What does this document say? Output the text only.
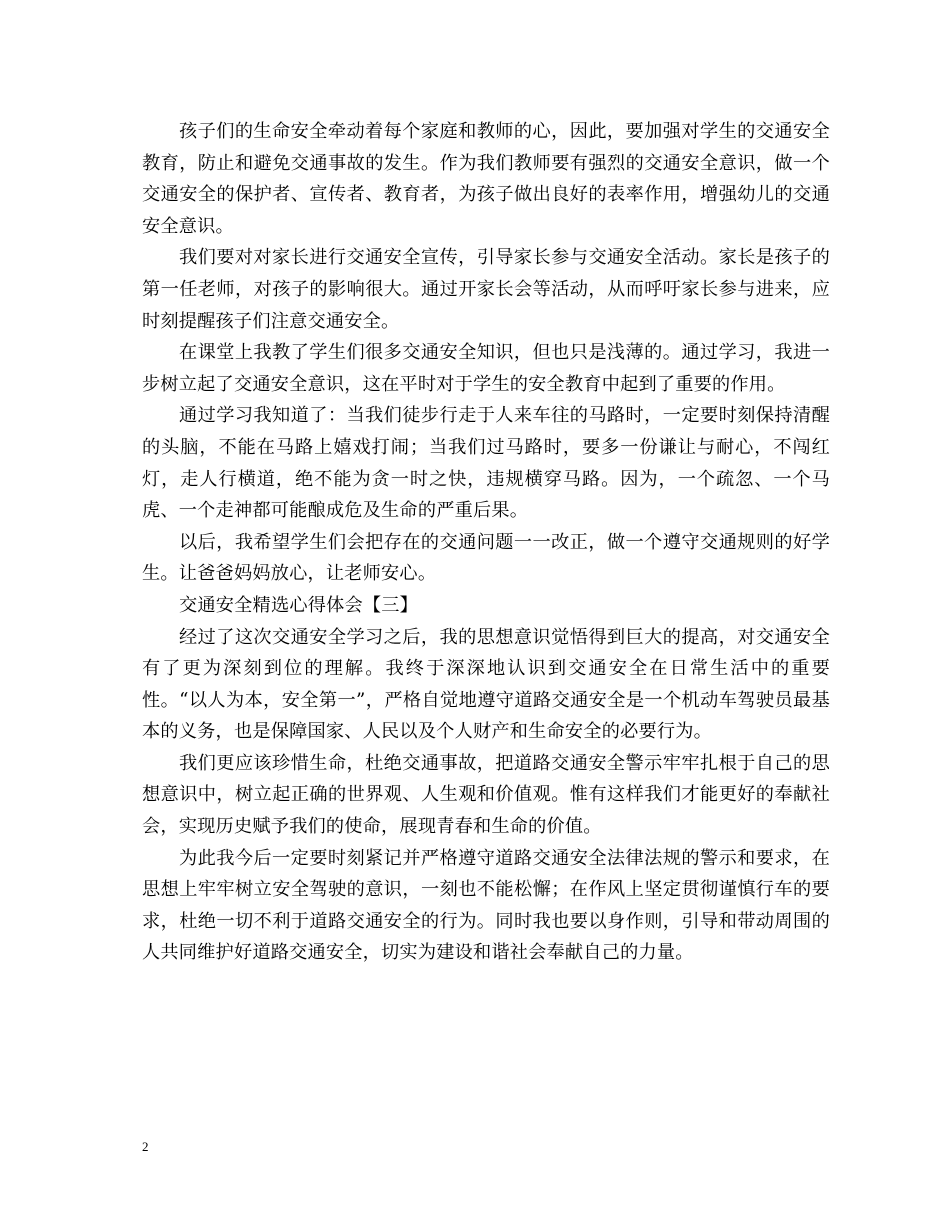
孩子们的生命安全牵动着每个家庭和教师的心，因此，要加强对学生的交通安全教育，防止和避免交通事故的发生。作为我们教师要有强烈的交通安全意识，做一个交通安全的保护者、宣传者、教育者，为孩子做出良好的表率作用，增强幼儿的交通安全意识。

我们要对对家长进行交通安全宣传，引导家长参与交通安全活动。家长是孩子的第一任老师，对孩子的影响很大。通过开家长会等活动，从而呼吁家长参与进来，应时刻提醒孩子们注意交通安全。

在课堂上我教了学生们很多交通安全知识，但也只是浅薄的。通过学习，我进一步树立起了交通安全意识，这在平时对于学生的安全教育中起到了重要的作用。

通过学习我知道了：当我们徒步行走于人来车往的马路时，一定要时刻保持清醒的头脑，不能在马路上嬉戏打闹；当我们过马路时，要多一份谦让与耐心，不闯红灯，走人行横道，绝不能为贪一时之快，违规横穿马路。因为，一个疏忽、一个马虎、一个走神都可能酿成危及生命的严重后果。

以后，我希望学生们会把存在的交通问题一一改正，做一个遵守交通规则的好学生。让爸爸妈妈放心，让老师安心。

交通安全精选心得体会【三】

经过了这次交通安全学习之后，我的思想意识觉悟得到巨大的提高，对交通安全有了更为深刻到位的理解。我终于深深地认识到交通安全在日常生活中的重要性。“以人为本，安全第一”，严格自觉地遵守道路交通安全是一个机动车驾驶员最基本的义务，也是保障国家、人民以及个人财产和生命安全的必要行为。

我们更应该珍惜生命，杜绝交通事故，把道路交通安全警示牢牢扎根于自己的思想意识中，树立起正确的世界观、人生观和价值观。惟有这样我们才能更好的奉献社会，实现历史赋予我们的使命，展现青春和生命的价值。

为此我今后一定要时刻紧记并严格遵守道路交通安全法律法规的警示和要求，在思想上牢牢树立安全驾驶的意识，一刻也不能松懈；在作风上坚定贯彻谨慎行车的要求，杜绝一切不利于道路交通安全的行为。同时我也要以身作则，引导和带动周围的人共同维护好道路交通安全，切实为建设和谐社会奉献自己的力量。

2
